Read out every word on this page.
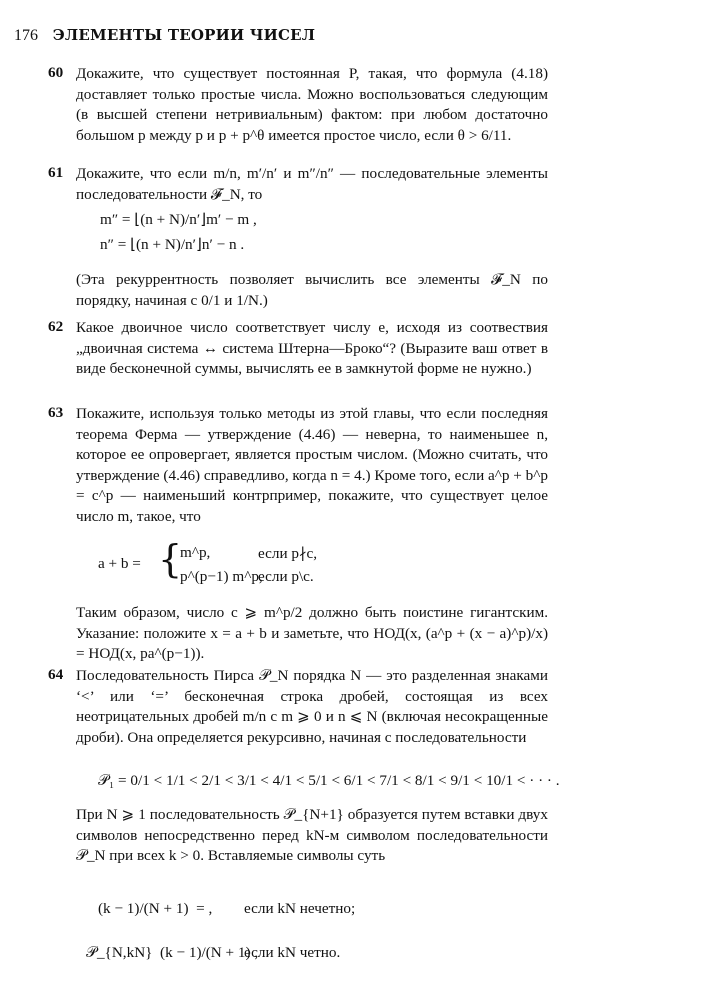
176 ЭЛЕМЕНТЫ ТЕОРИИ ЧИСЕЛ
60 Докажите, что существует постоянная P, такая, что формула (4.18) доставляет только простые числа. Можно воспользоваться следующим (в высшей степени нетривиальным) фактом: при любом достаточно большом p между p и p + p^θ имеется простое число, если θ > 6/11.
61 Докажите, что если m/n, m′/n′ и m″/n″ — последовательные элементы последовательности 𝓕_N, то
m″ = ⌊(n + N)/n′⌋m′ − m ,
n″ = ⌊(n + N)/n′⌋n′ − n .
(Эта рекуррентность позволяет вычислить все элементы 𝓕_N по порядку, начиная с 0/1 и 1/N.)
62 Какое двоичное число соответствует числу e, исходя из соотвествия „двоичная система ↔ система Штерна—Броко“? (Выразите ваш ответ в виде бесконечной суммы, вычислять ее в замкнутой форме не нужно.)
63 Покажите, используя только методы из этой главы, что если последняя теорема Ферма — утверждение (4.46) — неверна, то наименьшее n, которое ее опровергает, является простым числом. (Можно считать, что утверждение (4.46) справедливо, когда n = 4.) Кроме того, если a^p + b^p = c^p — наименьший контрпример, покажите, что существует целое число m, такое, что
a + b = {
m^p,	если p∤c,
p^(p−1) m^p,
если p\c.
Таким образом, число c ⩾ m^p/2 должно быть поистине гигантским. Указание: положите x = a + b и заметьте, что НОД(x, (a^p + (x − a)^p)/x) = НОД(x, pa^(p−1)).
64 Последовательность Пирса 𝒫_N порядка N — это разделенная знаками ‘<’ или ‘=’ бесконечная строка дробей, состоящая из всех неотрицательных дробей m/n с m ⩾ 0 и n ⩽ N (включая несокращенные дроби). Она определяется рекурсивно, начиная с последовательности
𝒫₁ = 0/1 < 1/1 < 2/1 < 3/1 < 4/1 < 5/1 < 6/1 < 7/1 < 8/1 < 9/1 < 10/1 < · · · .
При N ⩾ 1 последовательность 𝒫_{N+1} образуется путем вставки двух символов непосредственно перед kN-м символом последовательности 𝒫_N при всех k > 0. Вставляемые символы суть
(k − 1)/(N + 1)  = , если kN нечетно;
𝒫_{N,kN}  (k − 1)/(N + 1) ,
если kN четно.
